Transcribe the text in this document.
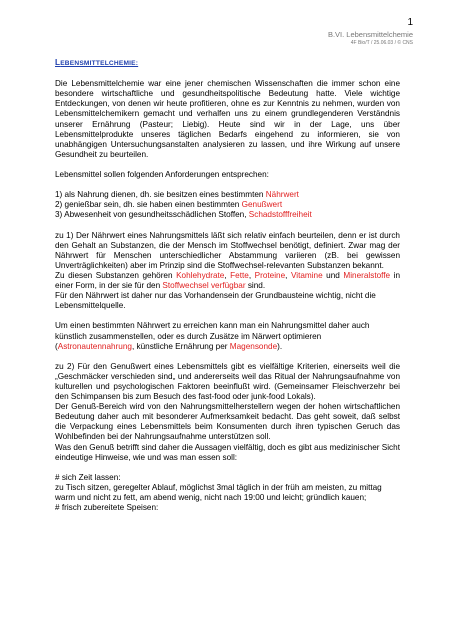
1
B.VI. Lebensmittelchemie
4F Bio/T / 25.06.03 / © CNS

LEBENSMITTELCHEMIE:

Die Lebensmittelchemie war eine jener chemischen Wissenschaften die immer schon eine besondere wirtschaftliche und gesundheitspolitische Bedeutung hatte. Viele wichtige Entdeckungen, von denen wir heute profitieren, ohne es zur Kenntnis zu nehmen, wurden von Lebensmittelchemikern gemacht und verhalfen uns zu einem grundlegenderen Verständnis unserer Ernährung (Pasteur; Liebig). Heute sind wir in der Lage, uns über Lebensmittelprodukte unseres täglichen Bedarfs eingehend zu informieren, sie von unabhängigen Untersuchungsanstalten analysieren zu lassen, und ihre Wirkung auf unsere Gesundheit zu beurteilen.

Lebensmittel sollen folgenden Anforderungen entsprechen:

1) als Nahrung dienen, dh. sie besitzen eines bestimmten Nährwert

2) genießbar sein, dh. sie haben einen bestimmten Genußwert

3) Abwesenheit von gesundheitsschädlichen Stoffen, Schadstofffreiheit

zu 1) Der Nährwert eines Nahrungsmittels läßt sich relativ einfach beurteilen, denn er ist durch den Gehalt an Substanzen, die der Mensch im Stoffwechsel benötigt, definiert. Zwar mag der Nährwert für Menschen unterschiedlicher Abstammung variieren (zB. bei gewissen Unverträglichkeiten) aber im Prinzip sind die Stoffwechsel-relevanten Substanzen bekannt.

Zu diesen Substanzen gehören Kohlehydrate, Fette, Proteine, Vitamine und Mineralstoffe in einer Form, in der sie für den Stoffwechsel verfügbar sind.

Für den Nährwert ist daher nur das Vorhandensein der Grundbausteine wichtig, nicht die Lebensmittelquelle.

Um einen bestimmten Nährwert zu erreichen kann man ein Nahrungsmittel daher auch künstlich zusammenstellen, oder es durch Zusätze im Närwert optimieren (Astronautennahrung, künstliche Ernährung per Magensonde).

zu 2) Für den Genußwert eines Lebensmittels gibt es vielfältige Kriterien, einerseits weil die „Geschmäcker verschieden sind„ und andererseits weil das Ritual der Nahrungsaufnahme von kulturellen und psychologischen Faktoren beeinflußt wird. (Gemeinsamer Fleischverzehr bei den Schimpansen bis zum Besuch des fast-food oder junk-food Lokals).

Der Genuß-Bereich wird von den Nahrungsmittelherstellern wegen der hohen wirtschaftlichen Bedeutung daher auch mit besonderer Aufmerksamkeit bedacht. Das geht soweit, daß selbst die Verpackung eines Lebensmittels beim Konsumenten durch ihren typischen Geruch das Wohlbefinden bei der Nahrungsaufnahme unterstützen soll.

Was den Genuß betrifft sind daher die Aussagen vielfältig, doch es gibt aus medizinischer Sicht eindeutige Hinweise, wie und was man essen soll:

# sich Zeit lassen:

zu Tisch sitzen, geregelter Ablauf, möglichst 3mal täglich in der früh am meisten, zu mittag warm und nicht zu fett, am abend wenig, nicht nach 19:00 und leicht; gründlich kauen;

# frisch zubereitete Speisen:
